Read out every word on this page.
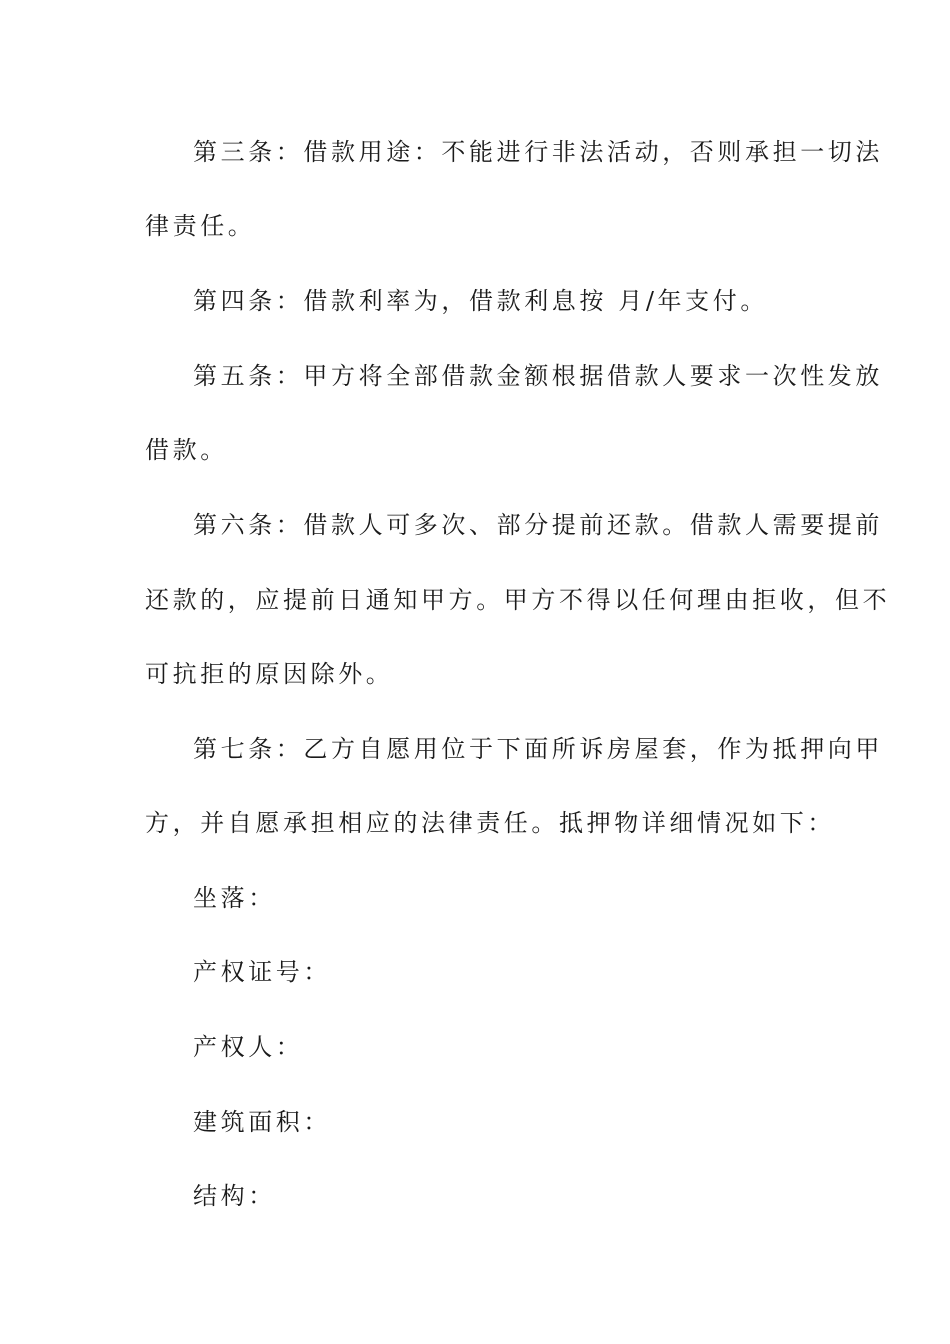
第三条：借款用途：不能进行非法活动，否则承担一切法
律责任。
第四条：借款利率为，借款利息按 月/年支付。
第五条：甲方将全部借款金额根据借款人要求一次性发放
借款。
第六条：借款人可多次、部分提前还款。借款人需要提前
还款的，应提前日通知甲方。甲方不得以任何理由拒收，但不
可抗拒的原因除外。
第七条：乙方自愿用位于下面所诉房屋套，作为抵押向甲
方，并自愿承担相应的法律责任。抵押物详细情况如下：
坐落：
产权证号：
产权人：
建筑面积：
结构：
